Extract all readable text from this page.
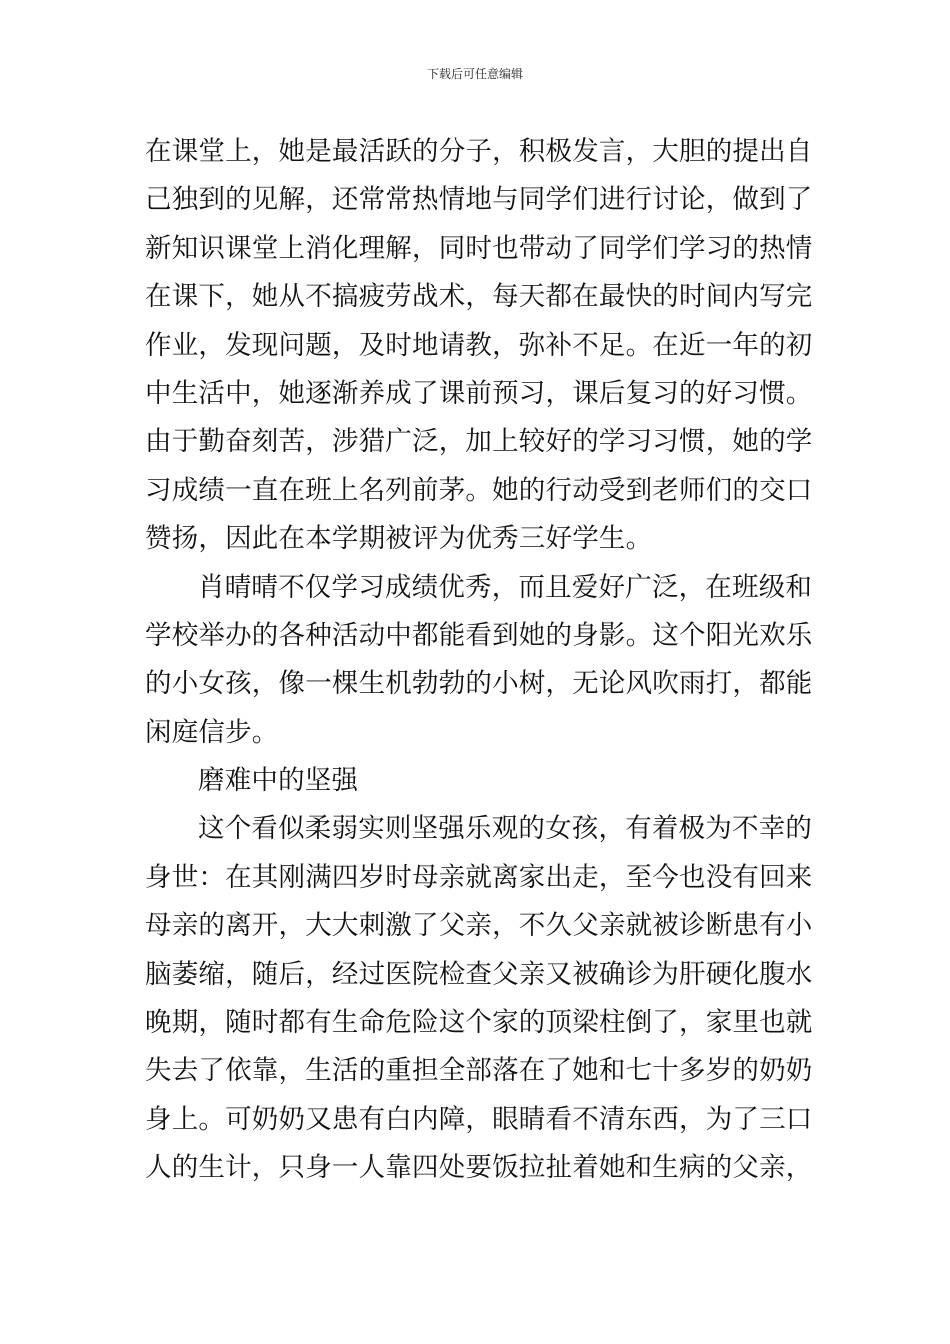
下载后可任意编辑
在课堂上，她是最活跃的分子，积极发言，大胆的提出自
己独到的见解，还常常热情地与同学们进行讨论，做到了
新知识课堂上消化理解，同时也带动了同学们学习的热情
在课下，她从不搞疲劳战术，每天都在最快的时间内写完
作业，发现问题，及时地请教，弥补不足。在近一年的初
中生活中，她逐渐养成了课前预习，课后复习的好习惯。
由于勤奋刻苦，涉猎广泛，加上较好的学习习惯，她的学
习成绩一直在班上名列前茅。她的行动受到老师们的交口
赞扬，因此在本学期被评为优秀三好学生。
肖晴晴不仅学习成绩优秀，而且爱好广泛，在班级和
学校举办的各种活动中都能看到她的身影。这个阳光欢乐
的小女孩，像一棵生机勃勃的小树，无论风吹雨打，都能
闲庭信步。
磨难中的坚强
这个看似柔弱实则坚强乐观的女孩，有着极为不幸的
身世：在其刚满四岁时母亲就离家出走，至今也没有回来
母亲的离开，大大刺激了父亲，不久父亲就被诊断患有小
脑萎缩，随后，经过医院检查父亲又被确诊为肝硬化腹水
晚期，随时都有生命危险这个家的顶梁柱倒了，家里也就
失去了依靠，生活的重担全部落在了她和七十多岁的奶奶
身上。可奶奶又患有白内障，眼睛看不清东西，为了三口
人的生计，只身一人靠四处要饭拉扯着她和生病的父亲，
